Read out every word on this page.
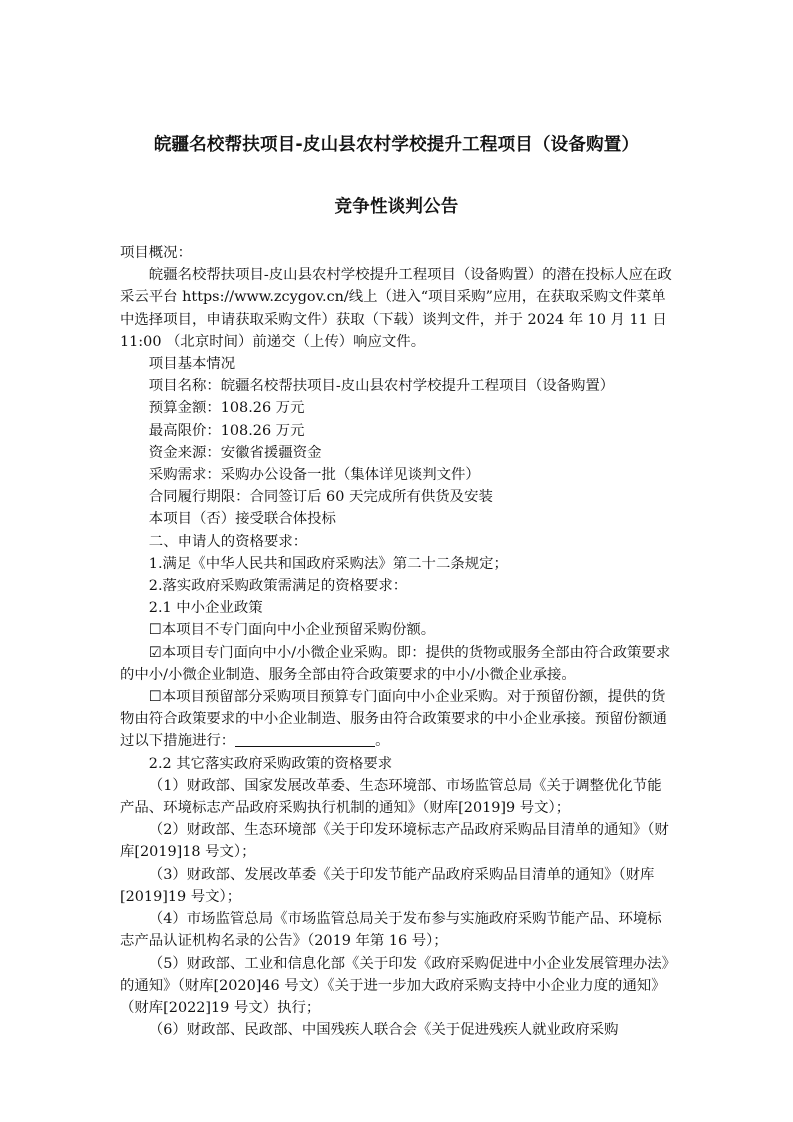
皖疆名校帮扶项目-皮山县农村学校提升工程项目（设备购置）
竞争性谈判公告

项目概况：

皖疆名校帮扶项目-皮山县农村学校提升工程项目（设备购置）的潜在投标人应在政采云平台 https://www.zcygov.cn/线上（进入“项目采购”应用，在获取采购文件菜单中选择项目，申请获取采购文件）获取（下载）谈判文件，并于 2024 年 10 月 11 日 11:00 （北京时间）前递交（上传）响应文件。

项目基本情况

项目名称：皖疆名校帮扶项目-皮山县农村学校提升工程项目（设备购置）

预算金额：108.26 万元

最高限价：108.26 万元

资金来源：安徽省援疆资金

采购需求：采购办公设备一批（集体详见谈判文件）

合同履行期限：合同签订后 60 天完成所有供货及安装

本项目（否）接受联合体投标

二、申请人的资格要求：

1.满足《中华人民共和国政府采购法》第二十二条规定；

2.落实政府采购政策需满足的资格要求：

2.1 中小企业政策

☐本项目不专门面向中小企业预留采购份额。

☑本项目专门面向中小/小微企业采购。即：提供的货物或服务全部由符合政策要求的中小/小微企业制造、服务全部由符合政策要求的中小/小微企业承接。

☐本项目预留部分采购项目预算专门面向中小企业采购。对于预留份额，提供的货物由符合政策要求的中小企业制造、服务由符合政策要求的中小企业承接。预留份额通过以下措施进行：	。

2.2 其它落实政府采购政策的资格要求

（1）财政部、国家发展改革委、生态环境部、市场监管总局《关于调整优化节能产品、环境标志产品政府采购执行机制的通知》（财库[2019]9 号文）；

（2）财政部、生态环境部《关于印发环境标志产品政府采购品目清单的通知》（财库[2019]18 号文）；

（3）财政部、发展改革委《关于印发节能产品政府采购品目清单的通知》（财库[2019]19 号文）；

（4）市场监管总局《市场监管总局关于发布参与实施政府采购节能产品、环境标志产品认证机构名录的公告》（2019 年第 16 号）；

（5）财政部、工业和信息化部《关于印发《政府采购促进中小企业发展管理办法》的通知》（财库[2020]46 号文）《关于进一步加大政府采购支持中小企业力度的通知》（财库[2022]19 号文）执行；

（6）财政部、民政部、中国残疾人联合会《关于促进残疾人就业政府采购
